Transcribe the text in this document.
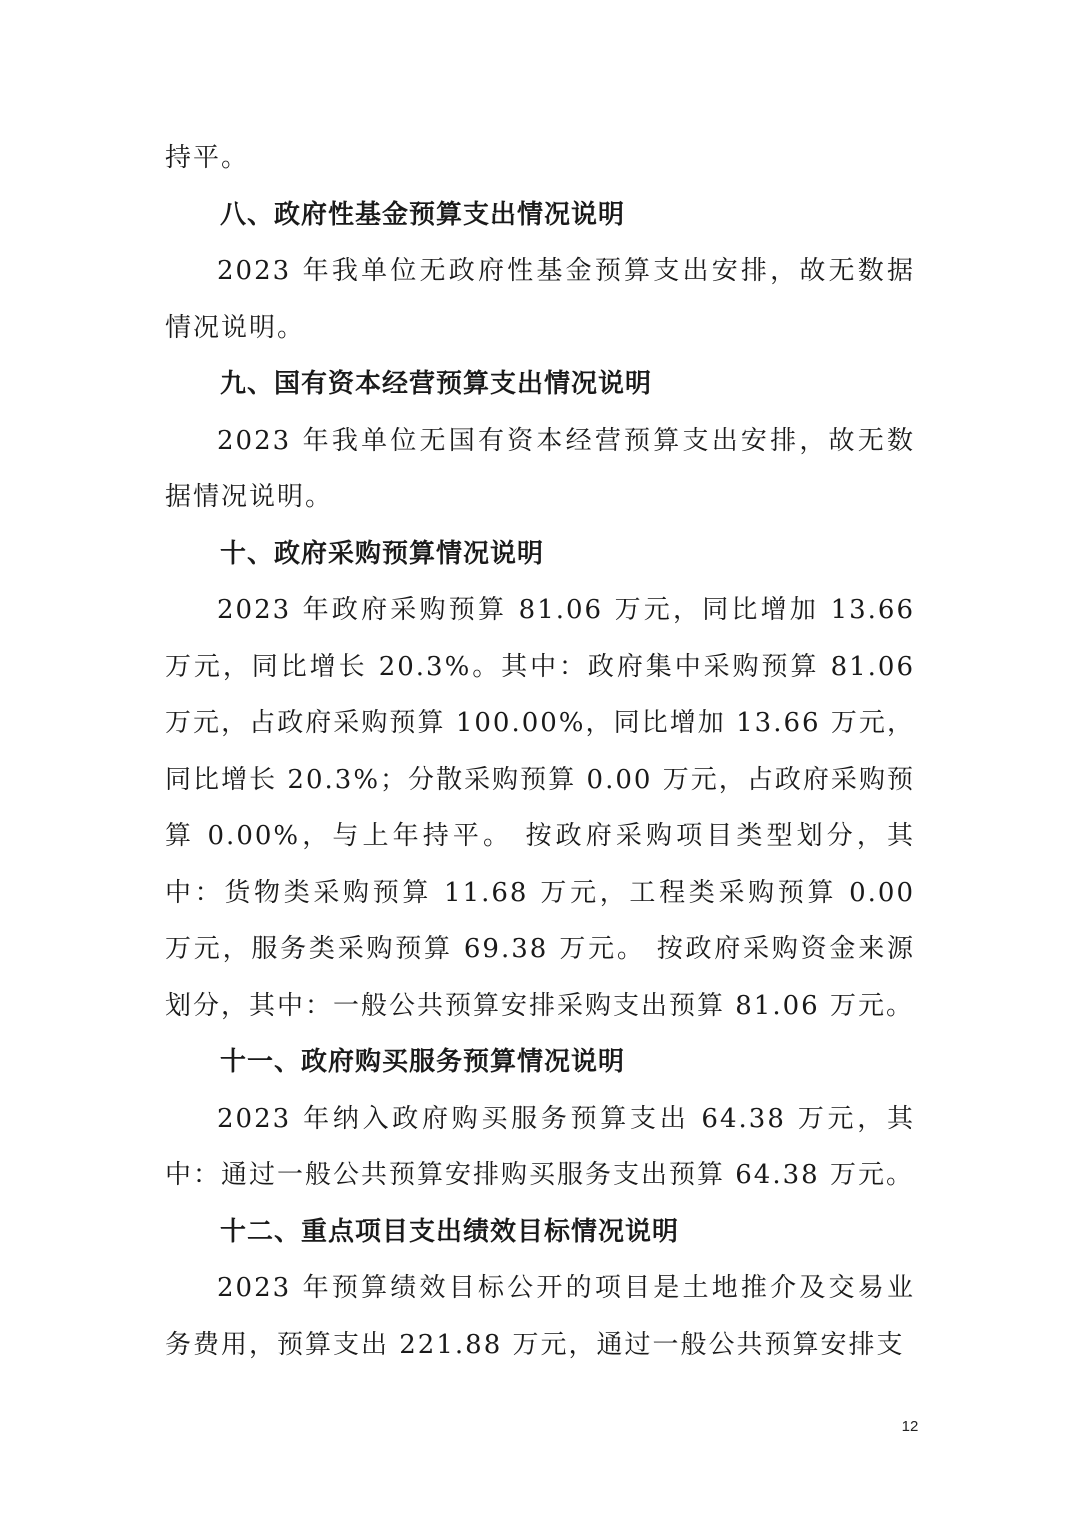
持平。

八、政府性基金预算支出情况说明

2023 年我单位无政府性基金预算支出安排，故无数据情况说明。

九、国有资本经营预算支出情况说明

2023 年我单位无国有资本经营预算支出安排，故无数据情况说明。

十、政府采购预算情况说明

2023 年政府采购预算 81.06 万元，同比增加 13.66 万元，同比增长 20.3%。其中：政府集中采购预算 81.06 万元，占政府采购预算 100.00%，同比增加 13.66 万元，同比增长 20.3%；分散采购预算 0.00 万元，占政府采购预算 0.00%，与上年持平。 按政府采购项目类型划分，其中：货物类采购预算 11.68 万元，工程类采购预算 0.00 万元，服务类采购预算 69.38 万元。 按政府采购资金来源划分，其中：一般公共预算安排采购支出预算 81.06 万元。

十一、政府购买服务预算情况说明

2023 年纳入政府购买服务预算支出 64.38 万元，其中：通过一般公共预算安排购买服务支出预算 64.38 万元。

十二、重点项目支出绩效目标情况说明

2023 年预算绩效目标公开的项目是土地推介及交易业务费用，预算支出 221.88 万元，通过一般公共预算安排支

12
